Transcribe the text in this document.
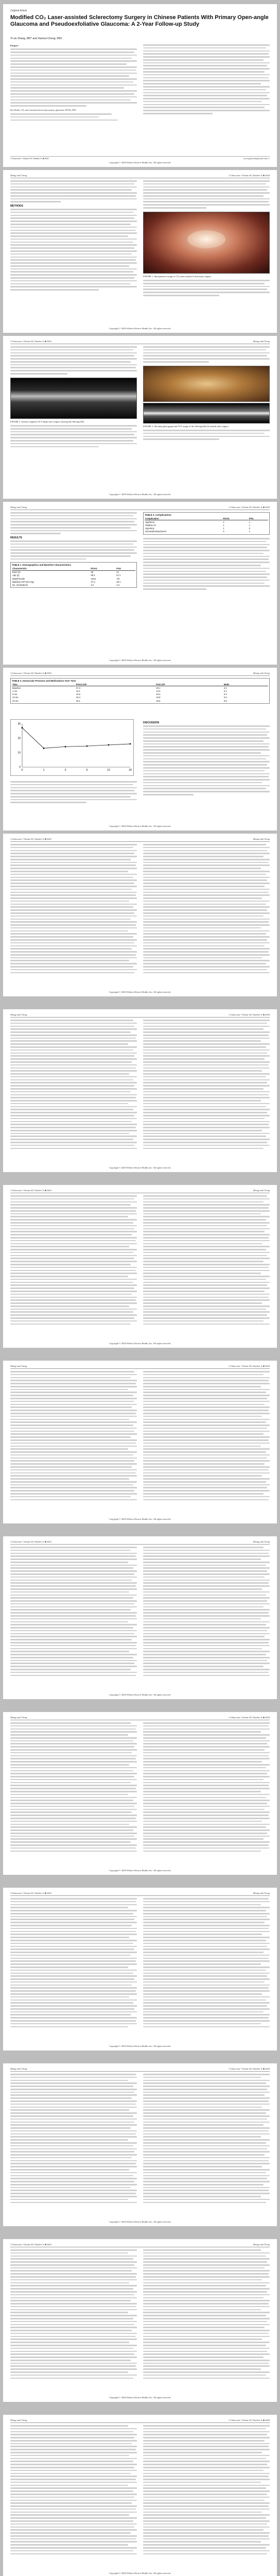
Original Article
Modified CO₂ Laser-assisted Sclerectomy Surgery in Chinese Patients With Primary Open-angle Glaucoma and Pseudoexfoliative Glaucoma: A 2-Year Follow-up Study
Yi-xin Zhang, MD* and Xiaohui Cheng, MD†
Purpose:
Key Words: CO₂ laser-assisted sclerectomy surgery, glaucoma, POAG, PXG
J Glaucoma • Volume 00, Number 0, ■ 2020	www.glaucomajournal.com | 1
Copyright © 2020 Wolters Kluwer Health, Inc. All rights reserved.
Zhang and Cheng	J Glaucoma • Volume 00, Number 0, ■ 2020
METHODS
FIGURE 1. Intraoperative image of CO₂ laser-assisted sclerectomy surgery.
Copyright © 2020 Wolters Kluwer Health, Inc. All rights reserved.
J Glaucoma • Volume 00, Number 0, ■ 2020	Zhang and Cheng
FIGURE 2. Anterior segment OCT image after surgery showing the filtering bleb.
FIGURE 3. Slit-lamp photograph and OCT image of the filtering bleb 24 months after surgery.
Copyright © 2020 Wolters Kluwer Health, Inc. All rights reserved.
Zhang and Cheng	J Glaucoma • Volume 00, Number 0, ■ 2020
RESULTS
TABLE 1. Demographics and Baseline Characteristics
Characteristic	POAG	PXG
Eyes (n)	26	12
Age (y)	58.4	67.2
Male/Female	15/11	7/5
Baseline IOP (mm Hg)	27.3	29.1
No. medications	3.2	3.4
TABLE 3. Complications
Complication	POAG	PXG
Hyphema	2	1
Shallow AC	1	1
Hypotony	1	0
Choroidal detachment	0	1
Copyright © 2020 Wolters Kluwer Health, Inc. All rights reserved.
J Glaucoma • Volume 00, Number 0, ■ 2020	Zhang and Cheng
TABLE 2. Intraocular Pressure and Medications Over Time
Time	POAG IOP	PXG IOP	Meds
Baseline	27.3	29.1	3.2
1 mo	13.1	14.0	0.1
6 mo	14.6	15.2	0.4
12 mo	15.4	15.8	0.6
24 mo	16.1	16.5	0.8
0
10
20
30
0	1	3	6	12	24
DISCUSSION
Copyright © 2020 Wolters Kluwer Health, Inc. All rights reserved.
J Glaucoma • Volume 00, Number 0, ■ 2020	Zhang and Cheng
Copyright © 2020 Wolters Kluwer Health, Inc. All rights reserved.
Zhang and Cheng	J Glaucoma • Volume 00, Number 0, ■ 2020
Copyright © 2020 Wolters Kluwer Health, Inc. All rights reserved.
J Glaucoma • Volume 00, Number 0, ■ 2020	Zhang and Cheng
Copyright © 2020 Wolters Kluwer Health, Inc. All rights reserved.
Zhang and Cheng	J Glaucoma • Volume 00, Number 0, ■ 2020
Copyright © 2020 Wolters Kluwer Health, Inc. All rights reserved.
J Glaucoma • Volume 00, Number 0, ■ 2020	Zhang and Cheng
Copyright © 2020 Wolters Kluwer Health, Inc. All rights reserved.
Zhang and Cheng	J Glaucoma • Volume 00, Number 0, ■ 2020
Copyright © 2020 Wolters Kluwer Health, Inc. All rights reserved.
J Glaucoma • Volume 00, Number 0, ■ 2020	Zhang and Cheng
Copyright © 2020 Wolters Kluwer Health, Inc. All rights reserved.
Zhang and Cheng	J Glaucoma • Volume 00, Number 0, ■ 2020
Copyright © 2020 Wolters Kluwer Health, Inc. All rights reserved.
J Glaucoma • Volume 00, Number 0, ■ 2020	Zhang and Cheng
Copyright © 2020 Wolters Kluwer Health, Inc. All rights reserved.
Zhang and Cheng	J Glaucoma • Volume 00, Number 0, ■ 2020
Copyright © 2020 Wolters Kluwer Health, Inc. All rights reserved.
